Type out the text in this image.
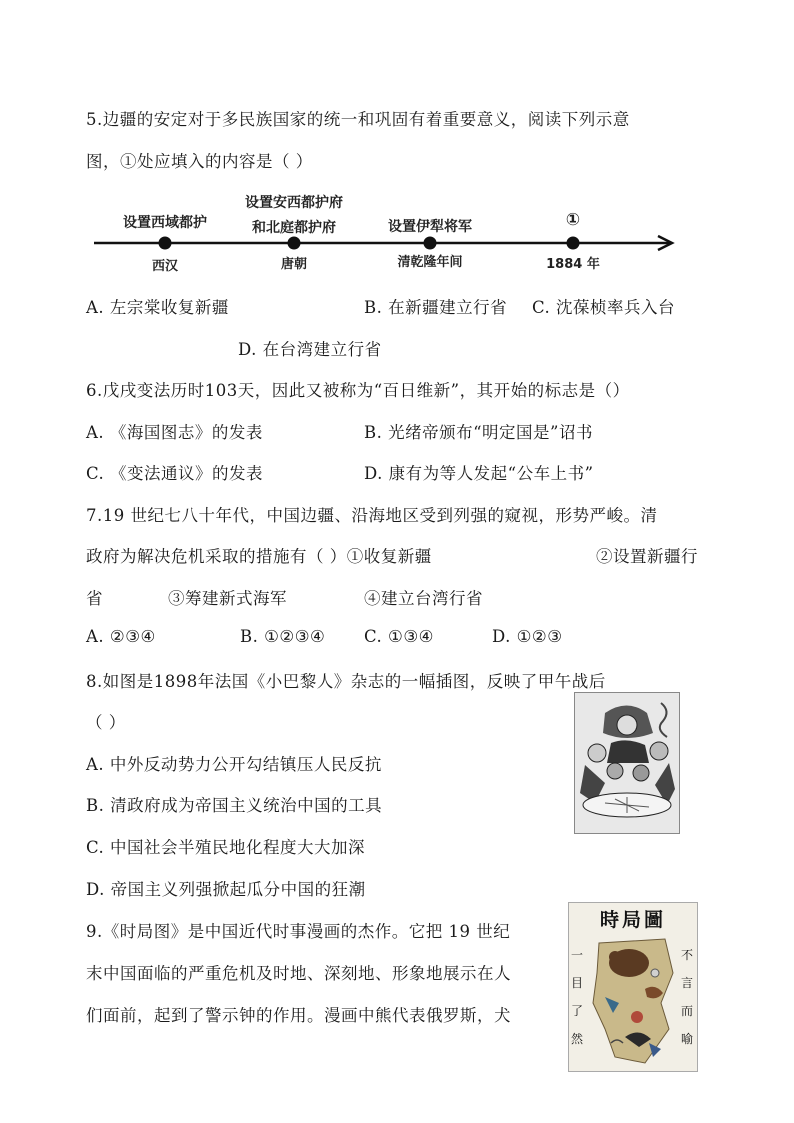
5.边疆的安定对于多民族国家的统一和巩固有着重要意义，阅读下列示意
图，①处应填入的内容是（ ）
设置西域都护
设置安西都护府
和北庭都护府	设置伊犁将军	①
西汉	唐朝	清乾隆年间	1884 年
A. 左宗棠收复新疆	B. 在新疆建立行省 C. 沈葆桢率兵入台
D. 在台湾建立行省
6.戊戌变法历时103天，因此又被称为“百日维新”，其开始的标志是（）
A. 《海国图志》的发表	B. 光绪帝颁布“明定国是”诏书
C. 《变法通议》的发表	D. 康有为等人发起“公车上书”
7.19 世纪七八十年代，中国边疆、沿海地区受到列强的窥视，形势严峻。清
政府为解决危机采取的措施有（ ）①收复新疆	②设置新疆行
省	③筹建新式海军	④建立台湾行省
A. ②③④	B. ①②③④ C. ①③④	D. ①②③
8.如图是1898年法国《小巴黎人》杂志的一幅插图，反映了甲午战后
（ ）
A. 中外反动势力公开勾结镇压人民反抗
B. 清政府成为帝国主义统治中国的工具
C. 中国社会半殖民地化程度大大加深
D. 帝国主义列强掀起瓜分中国的狂潮
9.《时局图》是中国近代时事漫画的杰作。它把 19 世纪
末中国面临的严重危机及时地、深刻地、形象地展示在人
们面前，起到了警示钟的作用。漫画中熊代表俄罗斯，犬
時局圖
一
目
了
然
不
言
而
喻
